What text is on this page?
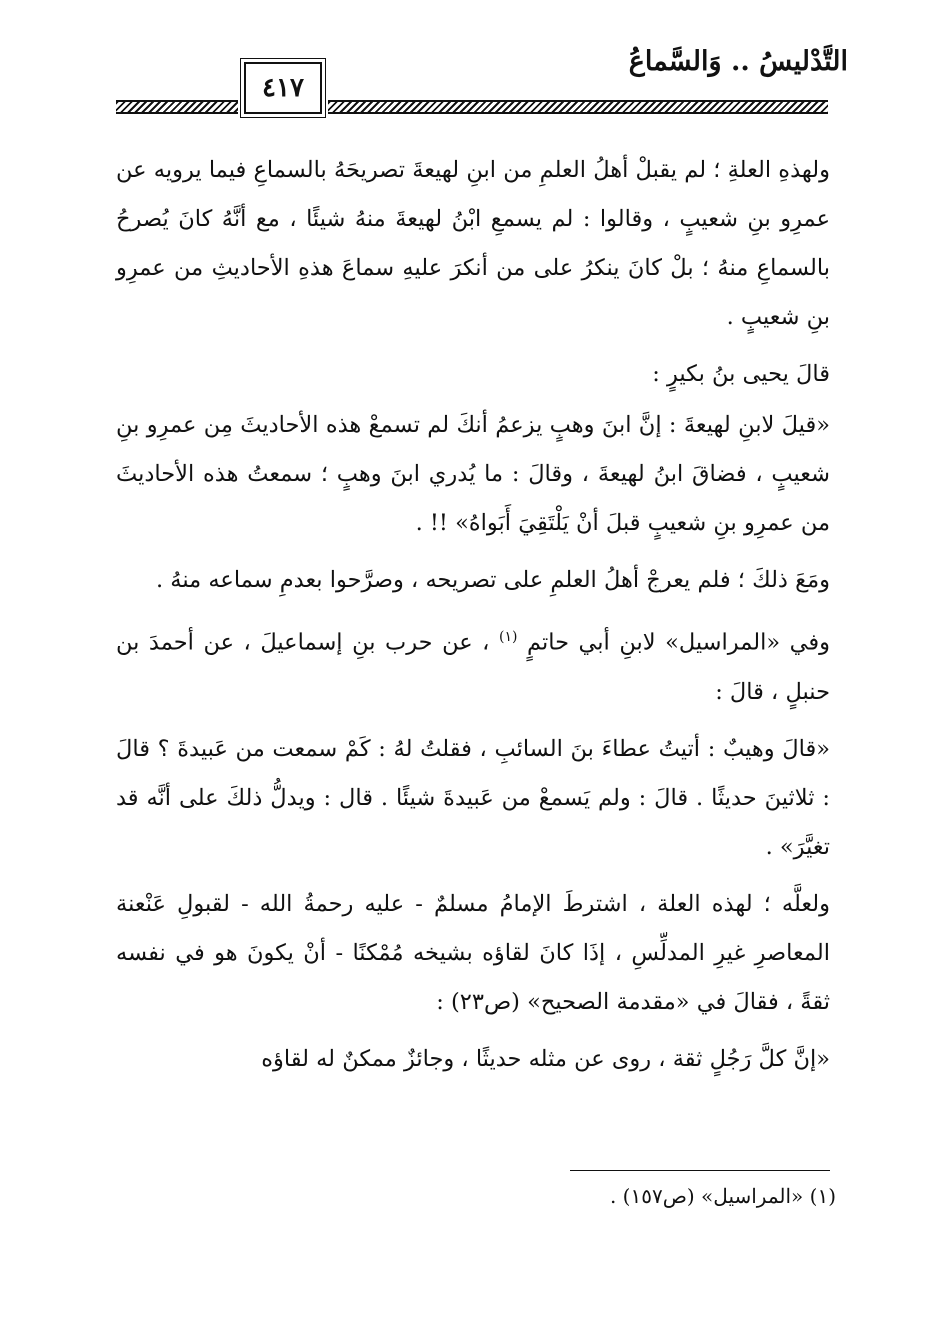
التَّدْليسُ .. وَالسَّماعُ
٤١٧

ولهذهِ العلةِ ؛ لم يقبلْ أهلُ العلمِ من ابنِ لهيعةَ تصريحَهُ بالسماعِ فيما يرويه عن عمرِو بنِ شعيبٍ ، وقالوا : لم يسمعِ ابْنُ لهيعةَ منهُ شيئًا ، مع أنَّهُ كانَ يُصرحُ بالسماعِ منهُ ؛ بلْ كانَ ينكرُ على من أنكرَ عليهِ سماعَ هذهِ الأحاديثِ من عمرِو بنِ شعيبٍ .

قالَ يحيى بنُ بكيرٍ :

«قيلَ لابنِ لهيعةَ : إنَّ ابنَ وهبٍ يزعمُ أنكَ لم تسمعْ هذه الأحاديثَ مِن عمرِو بنِ شعيبٍ ، فضاقَ ابنُ لهيعةَ ، وقالَ : ما يُدري ابنَ وهبٍ ؛ سمعتُ هذه الأحاديثَ من عمرِو بنِ شعيبٍ قبلَ أنْ يَلْتَقِيَ أَبَواهُ» !! .

ومَعَ ذلكَ ؛ فلم يعرجْ أهلُ العلمِ على تصريحه ، وصرَّحوا بعدمِ سماعه منهُ .

وفي «المراسيل» لابنِ أبي حاتمٍ $^{(١)}$ ، عن حرب بنِ إسماعيلَ ، عن أحمدَ بن حنبلٍ ، قالَ :

«قالَ وهيبٌ : أتيتُ عطاءَ بنَ السائبِ ، فقلتُ لهُ : كَمْ سمعت من عَبيدةَ ؟ قالَ : ثلاثينَ حديثًا . قالَ : ولم يَسمعْ من عَبيدةَ شيئًا . قال : ويدلُّ ذلكَ على أنَّه قد تغيَّرَ» .

ولعلَّه ؛ لهذه العلة ، اشترطَ الإمامُ مسلمٌ - عليه رحمةُ الله - لقبولِ عَنْعنة المعاصرِ غيرِ المدلِّسِ ، إذَا كانَ لقاؤه بشيخه مُمْكنًا - أنْ يكونَ هو في نفسه ثقةً ، فقالَ في «مقدمة الصحيح» (ص٢٣) :

«إنَّ كلَّ رَجُلٍ ثقة ، روى عن مثله حديثًا ، وجائزٌ ممكنٌ له لقاؤه

(١) «المراسيل» (ص١٥٧) .
